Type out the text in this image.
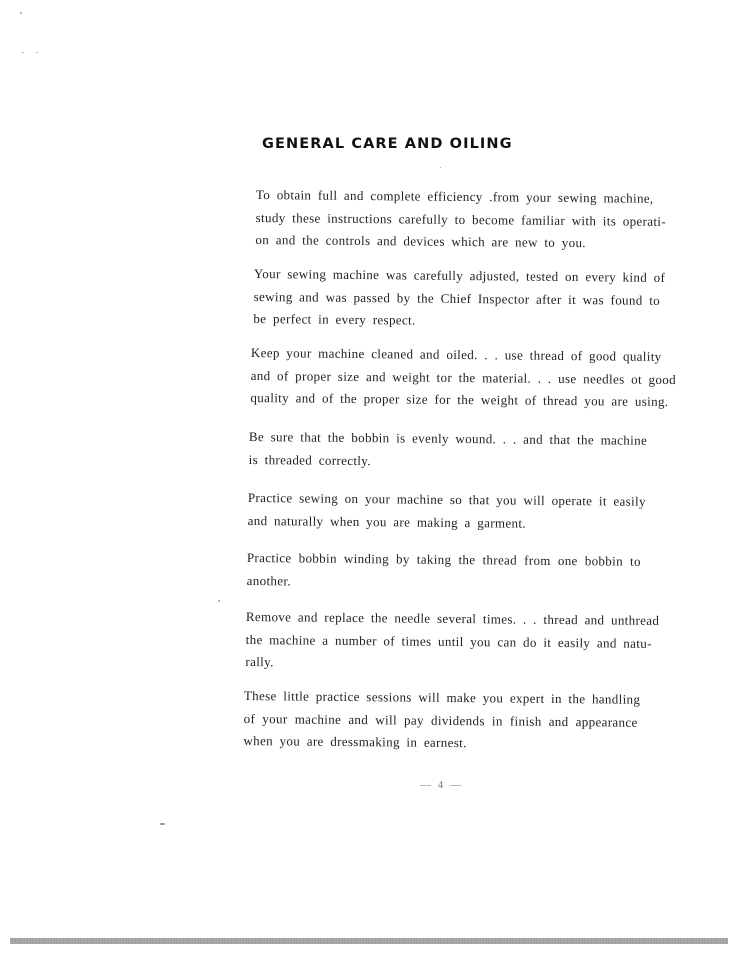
GENERAL CARE AND OILING
To obtain full and complete efficiency .from your sewing machine,
study these instructions carefully to become familiar with its operati-
on and the controls and devices which are new to you.
Your sewing machine was carefully adjusted, tested on every kind of
sewing and was passed by the Chief Inspector after it was found to
be perfect in every respect.
Keep your machine cleaned and oiled. . . use thread of good quality
and of proper size and weight tor the material. . . use needles ot good
quality and of the proper size for the weight of thread you are using.
Be sure that the bobbin is evenly wound. . . and that the machine
is threaded correctly.
Practice sewing on your machine so that you will operate it easily
and naturally when you are making a garment.
Practice bobbin winding by taking the thread from one bobbin to
another.
Remove and replace the needle several times. . . thread and unthread
the machine a number of times until you can do it easily and natu-
rally.
These little practice sessions will make you expert in the handling
of your machine and will pay dividends in finish and appearance
when you are dressmaking in earnest.
— 4 —
